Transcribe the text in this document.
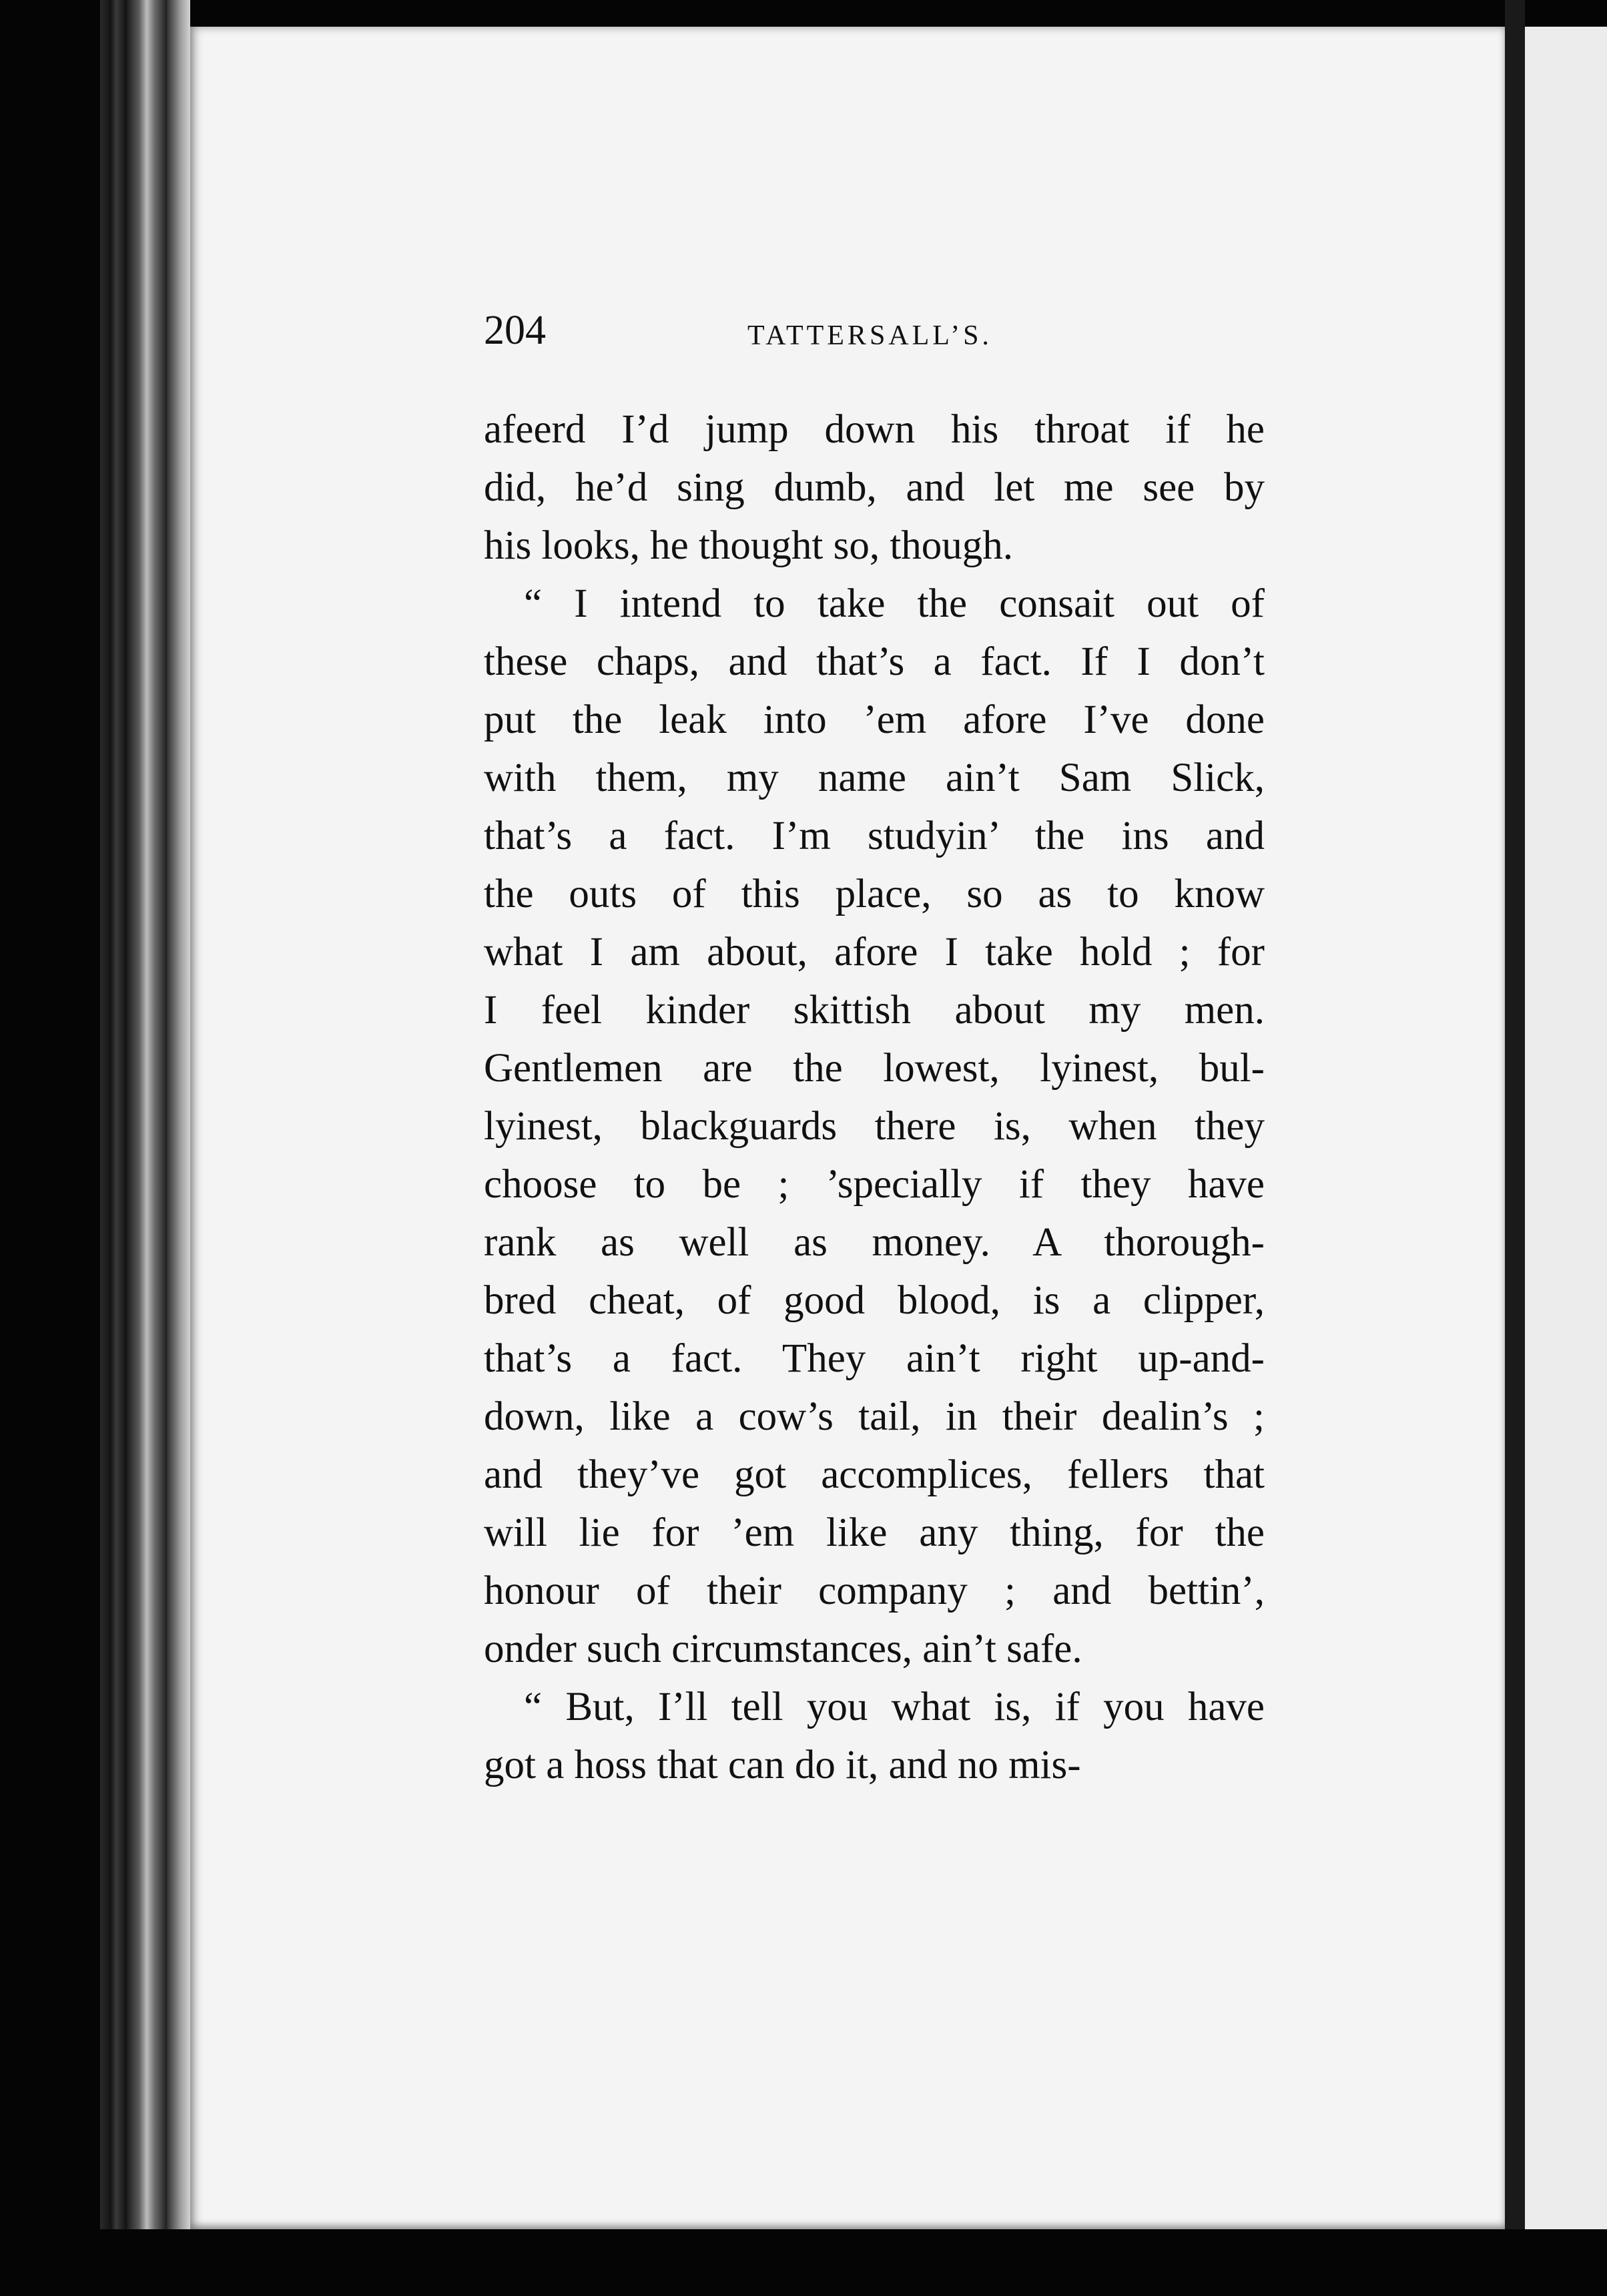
204	TATTERSALL’S.
afeerd I’d jump down his throat if he
did, he’d sing dumb, and let me see by
his looks, he thought so, though.
“ I intend to take the consait out of
these chaps, and that’s a fact. If I don’t
put the leak into ’em afore I’ve done
with them, my name ain’t Sam Slick,
that’s a fact. I’m studyin’ the ins and
the outs of this place, so as to know
what I am about, afore I take hold ; for
I feel kinder skittish about my men.
Gentlemen are the lowest, lyinest, bul-
lyinest, blackguards there is, when they
choose to be ; ’specially if they have
rank as well as money. A thorough-
bred cheat, of good blood, is a clipper,
that’s a fact. They ain’t right up-and-
down, like a cow’s tail, in their dealin’s ;
and they’ve got accomplices, fellers that
will lie for ’em like any thing, for the
honour of their company ; and bettin’,
onder such circumstances, ain’t safe.
“ But, I’ll tell you what is, if you have
got a hoss that can do it, and no mis-
